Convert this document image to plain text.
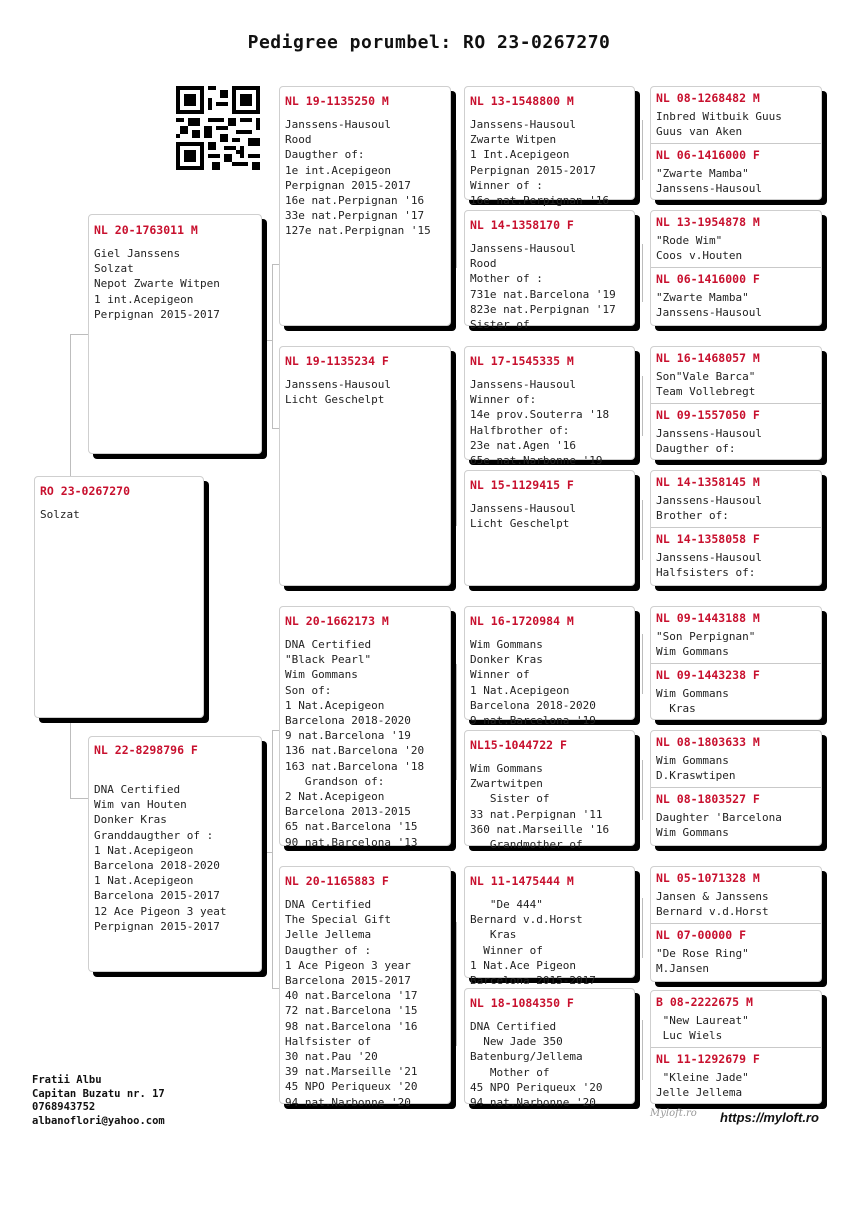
Pedigree porumbel: RO 23-0267270
RO 23-0267270
Solzat
NL 20-1763011 M
Giel Janssens
Solzat
Nepot Zwarte Witpen
1 int.Acepigeon
Perpignan 2015-2017
NL 22-8298796 F
DNA Certified
Wim van Houten
Donker Kras
Granddaugther of :
1 Nat.Acepigeon
Barcelona 2018-2020
1 Nat.Acepigeon
Barcelona 2015-2017
12 Ace Pigeon 3 yeat
Perpignan 2015-2017
NL 19-1135250 M
Janssens-Hausoul
Rood
Daugther of:
1e int.Acepigeon
Perpignan 2015-2017
16e nat.Perpignan '16
33e nat.Perpignan '17
127e nat.Perpignan '15
NL 19-1135234 F
Janssens-Hausoul
Licht Geschelpt
NL 20-1662173 M
DNA Certified
"Black Pearl"
Wim Gommans
Son of:
1 Nat.Acepigeon
Barcelona 2018-2020
9 nat.Barcelona '19
136 nat.Barcelona '20
163 nat.Barcelona '18
Grandson of:
2 Nat.Acepigeon
Barcelona 2013-2015
65 nat.Barcelona '15
90 nat.Barcelona '13
NL 20-1165883 F
DNA Certified
The Special Gift
Jelle Jellema
Daugther of :
1 Ace Pigeon 3 year
Barcelona 2015-2017
40 nat.Barcelona '17
72 nat.Barcelona '15
98 nat.Barcelona '16
Halfsister of
30 nat.Pau '20
39 nat.Marseille '21
45 NPO Periqueux '20
94 nat.Narbonne '20
NL 13-1548800 M
Janssens-Hausoul
Zwarte Witpen
1 Int.Acepigeon
Perpignan 2015-2017
Winner of :
16e nat.Perpignan '16
NL 14-1358170 F
Janssens-Hausoul
Rood
Mother of :
731e nat.Barcelona '19
823e nat.Perpignan '17
Sister of
NL 17-1545335 M
Janssens-Hausoul
Winner of:
14e prov.Souterra '18
Halfbrother of:
23e nat.Agen '16
65e nat.Narbonne '19
NL 15-1129415 F
Janssens-Hausoul
Licht Geschelpt
NL 16-1720984 M
Wim Gommans
Donker Kras
Winner of
1 Nat.Acepigeon
Barcelona 2018-2020
9 nat.Barcelona '19
NL15-1044722 F
Wim Gommans
Zwartwitpen
Sister of
33 nat.Perpignan '11
360 nat.Marseille '16
Grandmother of
NL 11-1475444 M
"De 444"
Bernard v.d.Horst
Kras
Winner of
1 Nat.Ace Pigeon
Barcelona 2015-2017
NL 18-1084350 F
DNA Certified
New Jade 350
Batenburg/Jellema
Mother of
45 NPO Periqueux '20
94 nat.Narbonne '20
NL 08-1268482 M
Inbred Witbuik Guus
Guus van Aken
NL 06-1416000 F
"Zwarte Mamba"
Janssens-Hausoul
NL 13-1954878 M
"Rode Wim"
Coos v.Houten
NL 06-1416000 F
"Zwarte Mamba"
Janssens-Hausoul
NL 16-1468057 M
Son"Vale Barca"
Team Vollebregt
NL 09-1557050 F
Janssens-Hausoul
Daugther of:
NL 14-1358145 M
Janssens-Hausoul
Brother of:
NL 14-1358058 F
Janssens-Hausoul
Halfsisters of:
NL 09-1443188 M
"Son Perpignan"
Wim Gommans
NL 09-1443238 F
Wim Gommans
Kras
NL 08-1803633 M
Wim Gommans
D.Kraswtipen
NL 08-1803527 F
Daughter 'Barcelona
Wim Gommans
NL 05-1071328 M
Jansen & Janssens
Bernard v.d.Horst
NL 07-00000 F
"De Rose Ring"
M.Jansen
B 08-2222675 M
"New Laureat"
Luc Wiels
NL 11-1292679 F
"Kleine Jade"
Jelle Jellema
Fratii Albu
Capitan Buzatu nr. 17
0768943752
albanoflori@yahoo.com
Myloft.ro https://myloft.ro
